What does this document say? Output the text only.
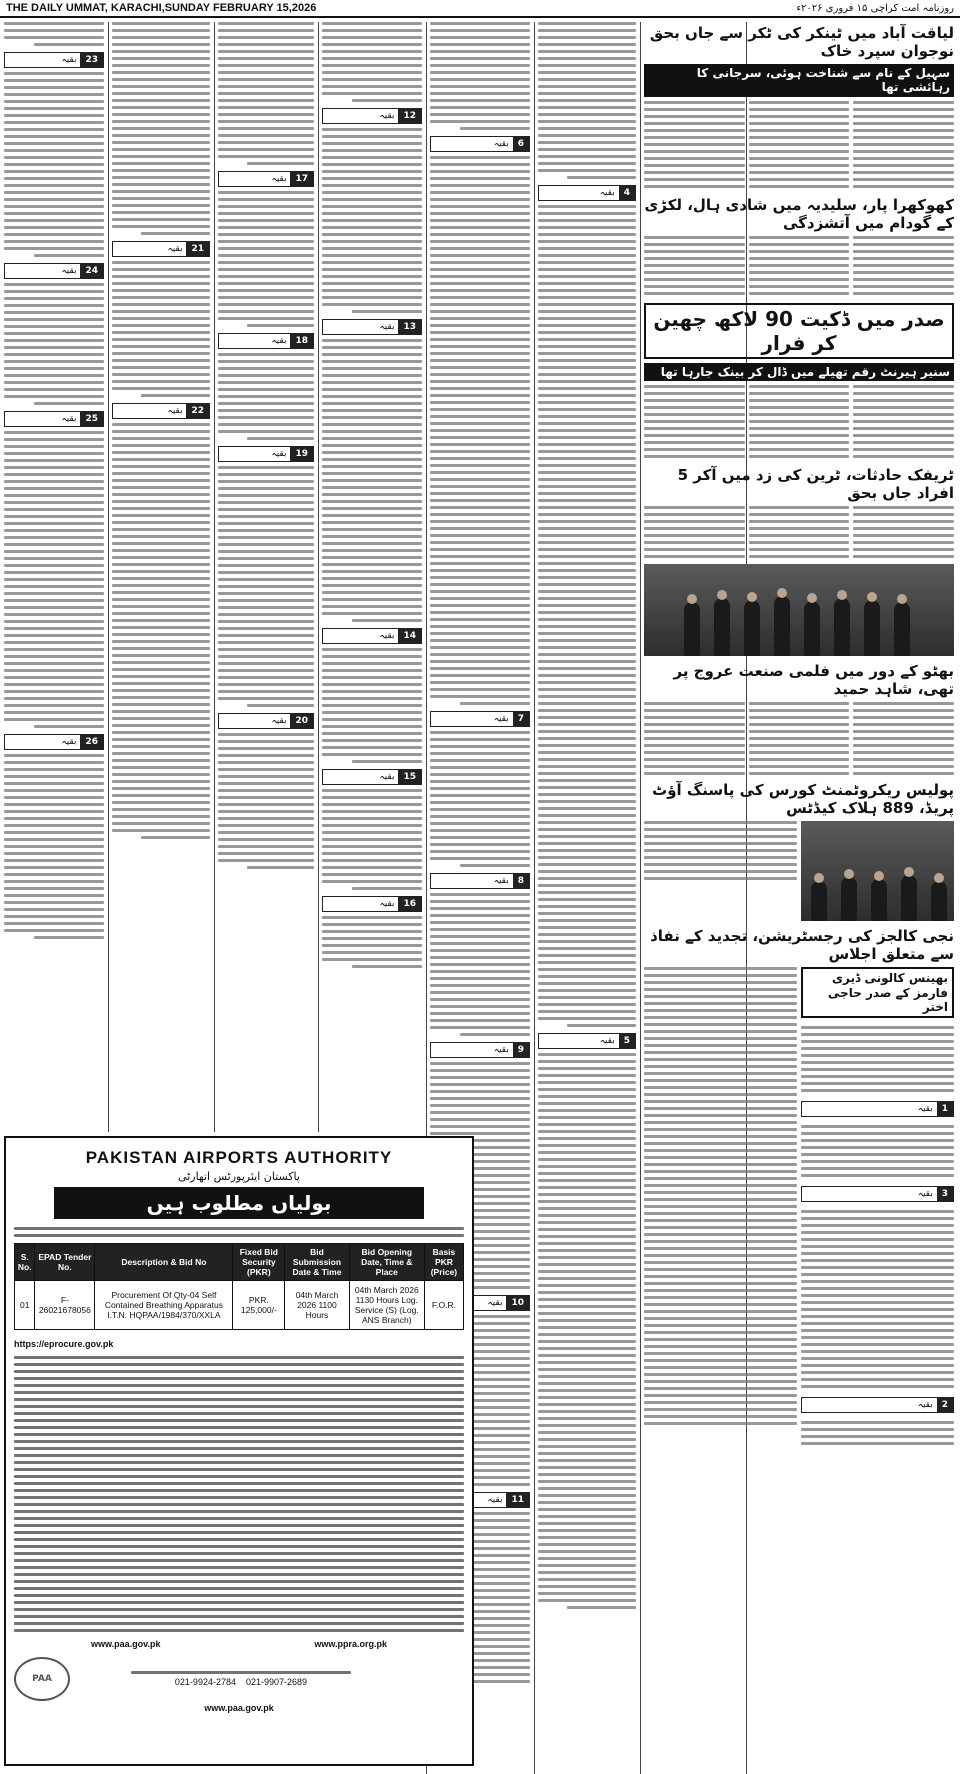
THE DAILY UMMAT, KARACHI,SUNDAY FEBRUARY 15,2026	روزنامہ امت کراچی ۱۵ فروری ۲۰۲۶ء
23
بقیہ
24
بقیہ
25
بقیہ
26
بقیہ
21
بقیہ
22
بقیہ
17
بقیہ
18
بقیہ
19
بقیہ
20
بقیہ
12
بقیہ
13
بقیہ
14
بقیہ
15
بقیہ
16
بقیہ
6
بقیہ
7
بقیہ
8
بقیہ
9
بقیہ
10
بقیہ
11
بقیہ
4
بقیہ
5
بقیہ
لیاقت آباد میں ٹینکر کی ٹکر سے جاں بحق نوجوان سپرد خاک
سہیل کے نام سے شناخت ہوئی، سرجانی کا رہائشی تھا
کھوکھرا پار، سلیدیہ میں شادی ہال، لکڑی کے گودام میں آتشزدگی
صدر میں ڈکیت 90 لاکھ چھین کر فرار
سنیر ہیرنٹ رقم تھیلے میں ڈال کر بینک جارہا تھا
ٹریفک حادثات، ٹرین کی زد میں آکر 5 افراد جاں بحق
بھٹو کے دور میں فلمی صنعت عروج پر تھی، شاہد حمید
پولیس ریکروٹمنٹ کورس کی پاسنگ آؤٹ پریڈ، 889 ہلاک کیڈٹس
نجی کالجز کی رجسٹریشن، تجدید کے نفاذ سے متعلق اجلاس
بھینس کالونی ڈیری فارمز کے صدر حاجی اختر
1
بقیہ
3
بقیہ
2
بقیہ
PAKISTAN AIRPORTS AUTHORITY
پاکستان ایئرپورٹس اتھارٹی
بولیاں مطلوب ہیں
S. No.	EPAD Tender No.	Description & Bid No	Fixed Bid Security (PKR)	Bid Submission Date & Time	Bid Opening Date, Time & Place	Basis PKR (Price)
01	F-26021678056	Procurement Of Qty-04 Self Contained Breathing Apparatus I.T.N. HQPAA/1984/370/XXLA	PKR. 125,000/-	04th March 2026 1100 Hours	04th March 2026 1130 Hours Log. Service (S) (Log. ANS Branch)	F.O.R.
https://eprocure.gov.pk
www.ppra.org.pk
www.paa.gov.pk
PAA	021-9924-2784 021-9907-2689
www.paa.gov.pk
